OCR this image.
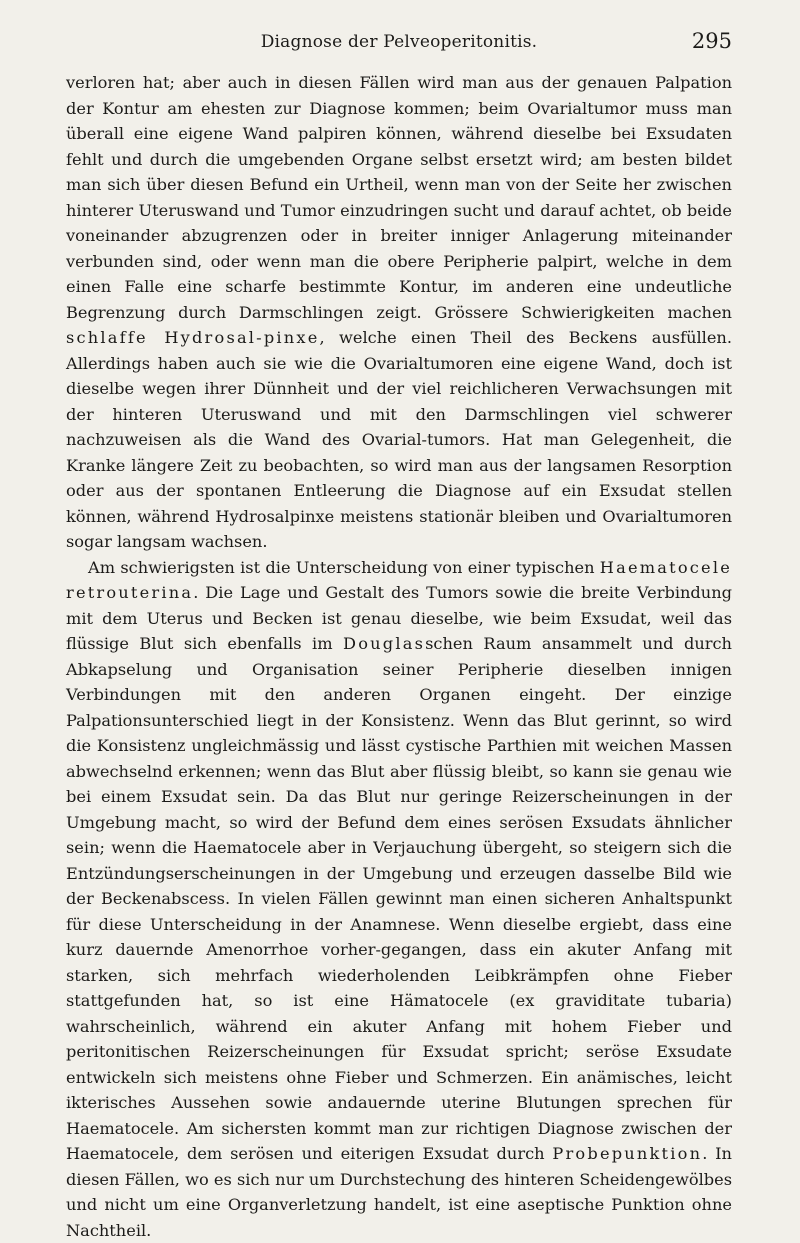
Diagnose der Pelveoperitonitis.	295

verloren hat; aber auch in diesen Fällen wird man aus der genauen Palpation der Kontur am ehesten zur Diagnose kommen; beim Ovarialtumor muss man überall eine eigene Wand palpiren können, während dieselbe bei Exsudaten fehlt und durch die umgebenden Organe selbst ersetzt wird; am besten bildet man sich über diesen Befund ein Urtheil, wenn man von der Seite her zwischen hinterer Uteruswand und Tumor einzudringen sucht und darauf achtet, ob beide voneinander abzugrenzen oder in breiter inniger Anlagerung miteinander verbunden sind, oder wenn man die obere Peripherie palpirt, welche in dem einen Falle eine scharfe bestimmte Kontur, im anderen eine undeutliche Begrenzung durch Darmschlingen zeigt. Grössere Schwierigkeiten machen schlaffe Hydrosal-pinxe, welche einen Theil des Beckens ausfüllen. Allerdings haben auch sie wie die Ovarialtumoren eine eigene Wand, doch ist dieselbe wegen ihrer Dünnheit und der viel reichlicheren Verwachsungen mit der hinteren Uteruswand und mit den Darmschlingen viel schwerer nachzuweisen als die Wand des Ovarial-tumors. Hat man Gelegenheit, die Kranke längere Zeit zu beobachten, so wird man aus der langsamen Resorption oder aus der spontanen Entleerung die Diagnose auf ein Exsudat stellen können, während Hydrosalpinxe meistens stationär bleiben und Ovarialtumoren sogar langsam wachsen.

Am schwierigsten ist die Unterscheidung von einer typischen Haematocele retrouterina. Die Lage und Gestalt des Tumors sowie die breite Verbindung mit dem Uterus und Becken ist genau dieselbe, wie beim Exsudat, weil das flüssige Blut sich ebenfalls im Douglasschen Raum ansammelt und durch Abkapselung und Organisation seiner Peripherie dieselben innigen Verbindungen mit den anderen Organen eingeht. Der einzige Palpationsunterschied liegt in der Konsistenz. Wenn das Blut gerinnt, so wird die Konsistenz ungleichmässig und lässt cystische Parthien mit weichen Massen abwechselnd erkennen; wenn das Blut aber flüssig bleibt, so kann sie genau wie bei einem Exsudat sein. Da das Blut nur geringe Reizerscheinungen in der Umgebung macht, so wird der Befund dem eines serösen Exsudats ähnlicher sein; wenn die Haematocele aber in Verjauchung übergeht, so steigern sich die Entzündungserscheinungen in der Umgebung und erzeugen dasselbe Bild wie der Beckenabscess. In vielen Fällen gewinnt man einen sicheren Anhaltspunkt für diese Unterscheidung in der Anamnese. Wenn dieselbe ergiebt, dass eine kurz dauernde Amenorrhoe vorher-gegangen, dass ein akuter Anfang mit starken, sich mehrfach wiederholenden Leibkrämpfen ohne Fieber stattgefunden hat, so ist eine Hämatocele (ex graviditate tubaria) wahrscheinlich, während ein akuter Anfang mit hohem Fieber und peritonitischen Reizerscheinungen für Exsudat spricht; seröse Exsudate entwickeln sich meistens ohne Fieber und Schmerzen. Ein anämisches, leicht ikterisches Aussehen sowie andauernde uterine Blutungen sprechen für Haematocele. Am sichersten kommt man zur richtigen Diagnose zwischen der Haematocele, dem serösen und eiterigen Exsudat durch Probepunktion. In diesen Fällen, wo es sich nur um Durchstechung des hinteren Scheidengewölbes und nicht um eine Organverletzung handelt, ist eine aseptische Punktion ohne Nachtheil.
